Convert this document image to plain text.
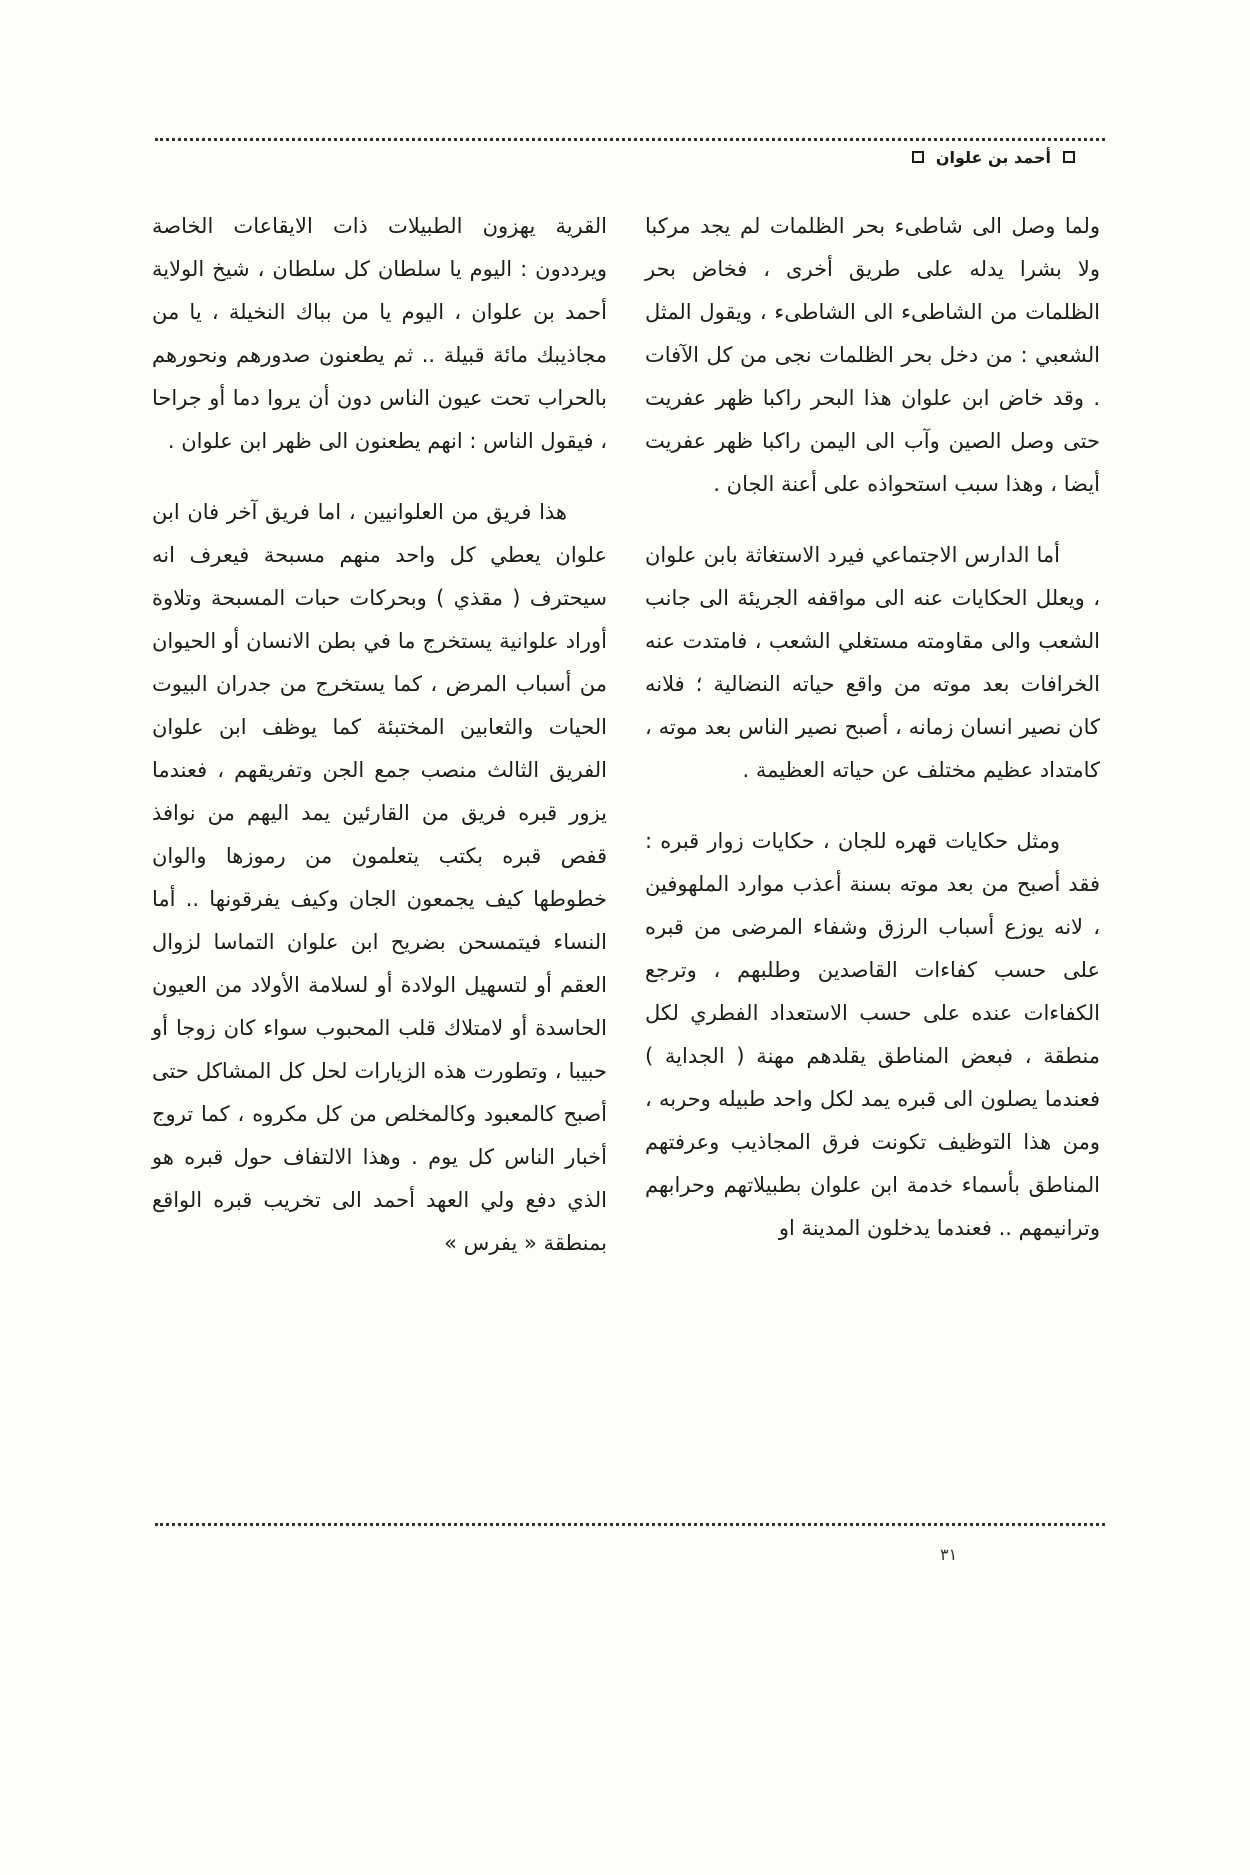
أحمد بن علوان

ولما وصل الى شاطىء بحر الظلمات لم يجد مركبا ولا بشرا يدله على طريق أخرى ، فخاض بحر الظلمات من الشاطىء الى الشاطىء ، ويقول المثل الشعبي : من دخل بحر الظلمات نجى من كل الآفات . وقد خاض ابن علوان هذا البحر راكبا ظهر عفريت حتى وصل الصين وآب الى اليمن راكبا ظهر عفريت أيضا ، وهذا سبب استحواذه على أعنة الجان .

أما الدارس الاجتماعي فيرد الاستغاثة بابن علوان ، ويعلل الحكايات عنه الى مواقفه الجريئة الى جانب الشعب والى مقاومته مستغلي الشعب ، فامتدت عنه الخرافات بعد موته من واقع حياته النضالية ؛ فلانه كان نصير انسان زمانه ، أصبح نصير الناس بعد موته ، كامتداد عظيم مختلف عن حياته العظيمة .

ومثل حكايات قهره للجان ، حكايات زوار قبره : فقد أصبح من بعد موته بسنة أعذب موارد الملهوفين ، لانه يوزع أسباب الرزق وشفاء المرضى من قبره على حسب كفاءات القاصدين وطلبهم ، وترجع الكفاءات عنده على حسب الاستعداد الفطري لكل منطقة ، فبعض المناطق يقلدهم مهنة ( الجداية ) فعندما يصلون الى قبره يمد لكل واحد طبيله وحربه ، ومن هذا التوظيف تكونت فرق المجاذيب وعرفتهم المناطق بأسماء خدمة ابن علوان بطبيلاتهم وحرابهم وترانيمهم .. فعندما يدخلون المدينة او

القرية يهزون الطبيلات ذات الايقاعات الخاصة ويرددون : اليوم يا سلطان كل سلطان ، شيخ الولاية أحمد بن علوان ، اليوم يا من بباك النخيلة ، يا من مجاذيبك مائة قبيلة .. ثم يطعنون صدورهم ونحورهم بالحراب تحت عيون الناس دون أن يروا دما أو جراحا ، فيقول الناس : انهم يطعنون الى ظهر ابن علوان .

هذا فريق من العلوانيين ، اما فريق آخر فان ابن علوان يعطي كل واحد منهم مسبحة فيعرف انه سيحترف ( مقذي ) وبحركات حبات المسبحة وتلاوة أوراد علوانية يستخرج ما في بطن الانسان أو الحيوان من أسباب المرض ، كما يستخرج من جدران البيوت الحيات والثعابين المختبئة كما يوظف ابن علوان الفريق الثالث منصب جمع الجن وتفريقهم ، فعندما يزور قبره فريق من القارئين يمد اليهم من نوافذ قفص قبره بكتب يتعلمون من رموزها والوان خطوطها كيف يجمعون الجان وكيف يفرقونها .. أما النساء فيتمسحن بضريح ابن علوان التماسا لزوال العقم أو لتسهيل الولادة أو لسلامة الأولاد من العيون الحاسدة أو لامتلاك قلب المحبوب سواء كان زوجا أو حبيبا ، وتطورت هذه الزيارات لحل كل المشاكل حتى أصبح كالمعبود وكالمخلص من كل مكروه ، كما تروج أخبار الناس كل يوم . وهذا الالتفاف حول قبره هو الذي دفع ولي العهد أحمد الى تخريب قبره الواقع بمنطقة « يفرس »

٣١
